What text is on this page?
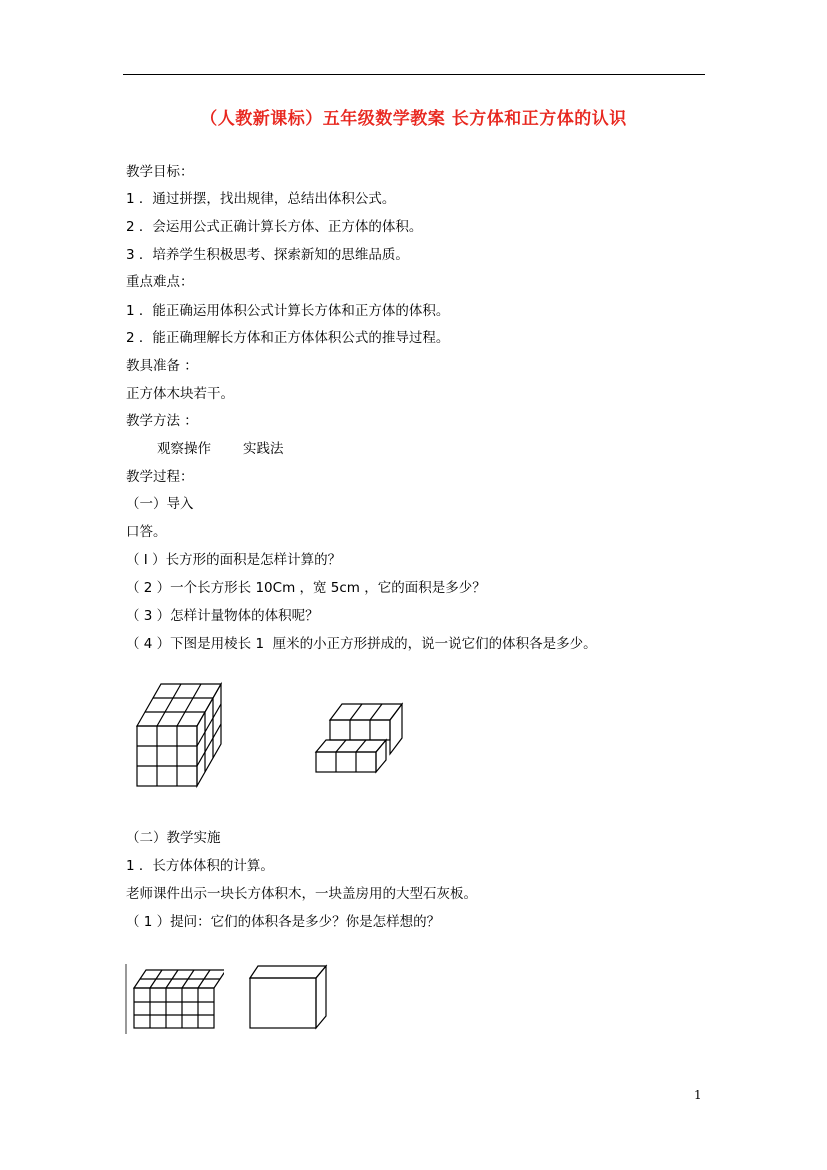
（人教新课标）五年级数学教案 长方体和正方体的认识
教学目标：
1 ．通过拼摆，找出规律，总结出体积公式。
2 ．会运用公式正确计算长方体、正方体的体积。
3 ．培养学生积极思考、探索新知的思维品质。
重点难点：
1 ．能正确运用体积公式计算长方体和正方体的体积。
2 ．能正确理解长方体和正方体体积公式的推导过程。
教具准备 ：
正方体木块若干。
教学方法 ：
观察操作 实践法
教学过程：
（一）导入
口答。
（ Ⅰ ）长方形的面积是怎样计算的？
（ 2 ）一个长方形长 10Cm ，宽 5cm ，它的面积是多少？
（ 3 ）怎样计量物体的体积呢？
（ 4 ）下图是用棱长 1  厘米的小正方形拼成的，说一说它们的体积各是多少。
（二）教学实施
1 ．长方体体积的计算。
老师课件出示一块长方体积木，一块盖房用的大型石灰板。
（ 1 ）提问：它们的体积各是多少？你是怎样想的？
1
